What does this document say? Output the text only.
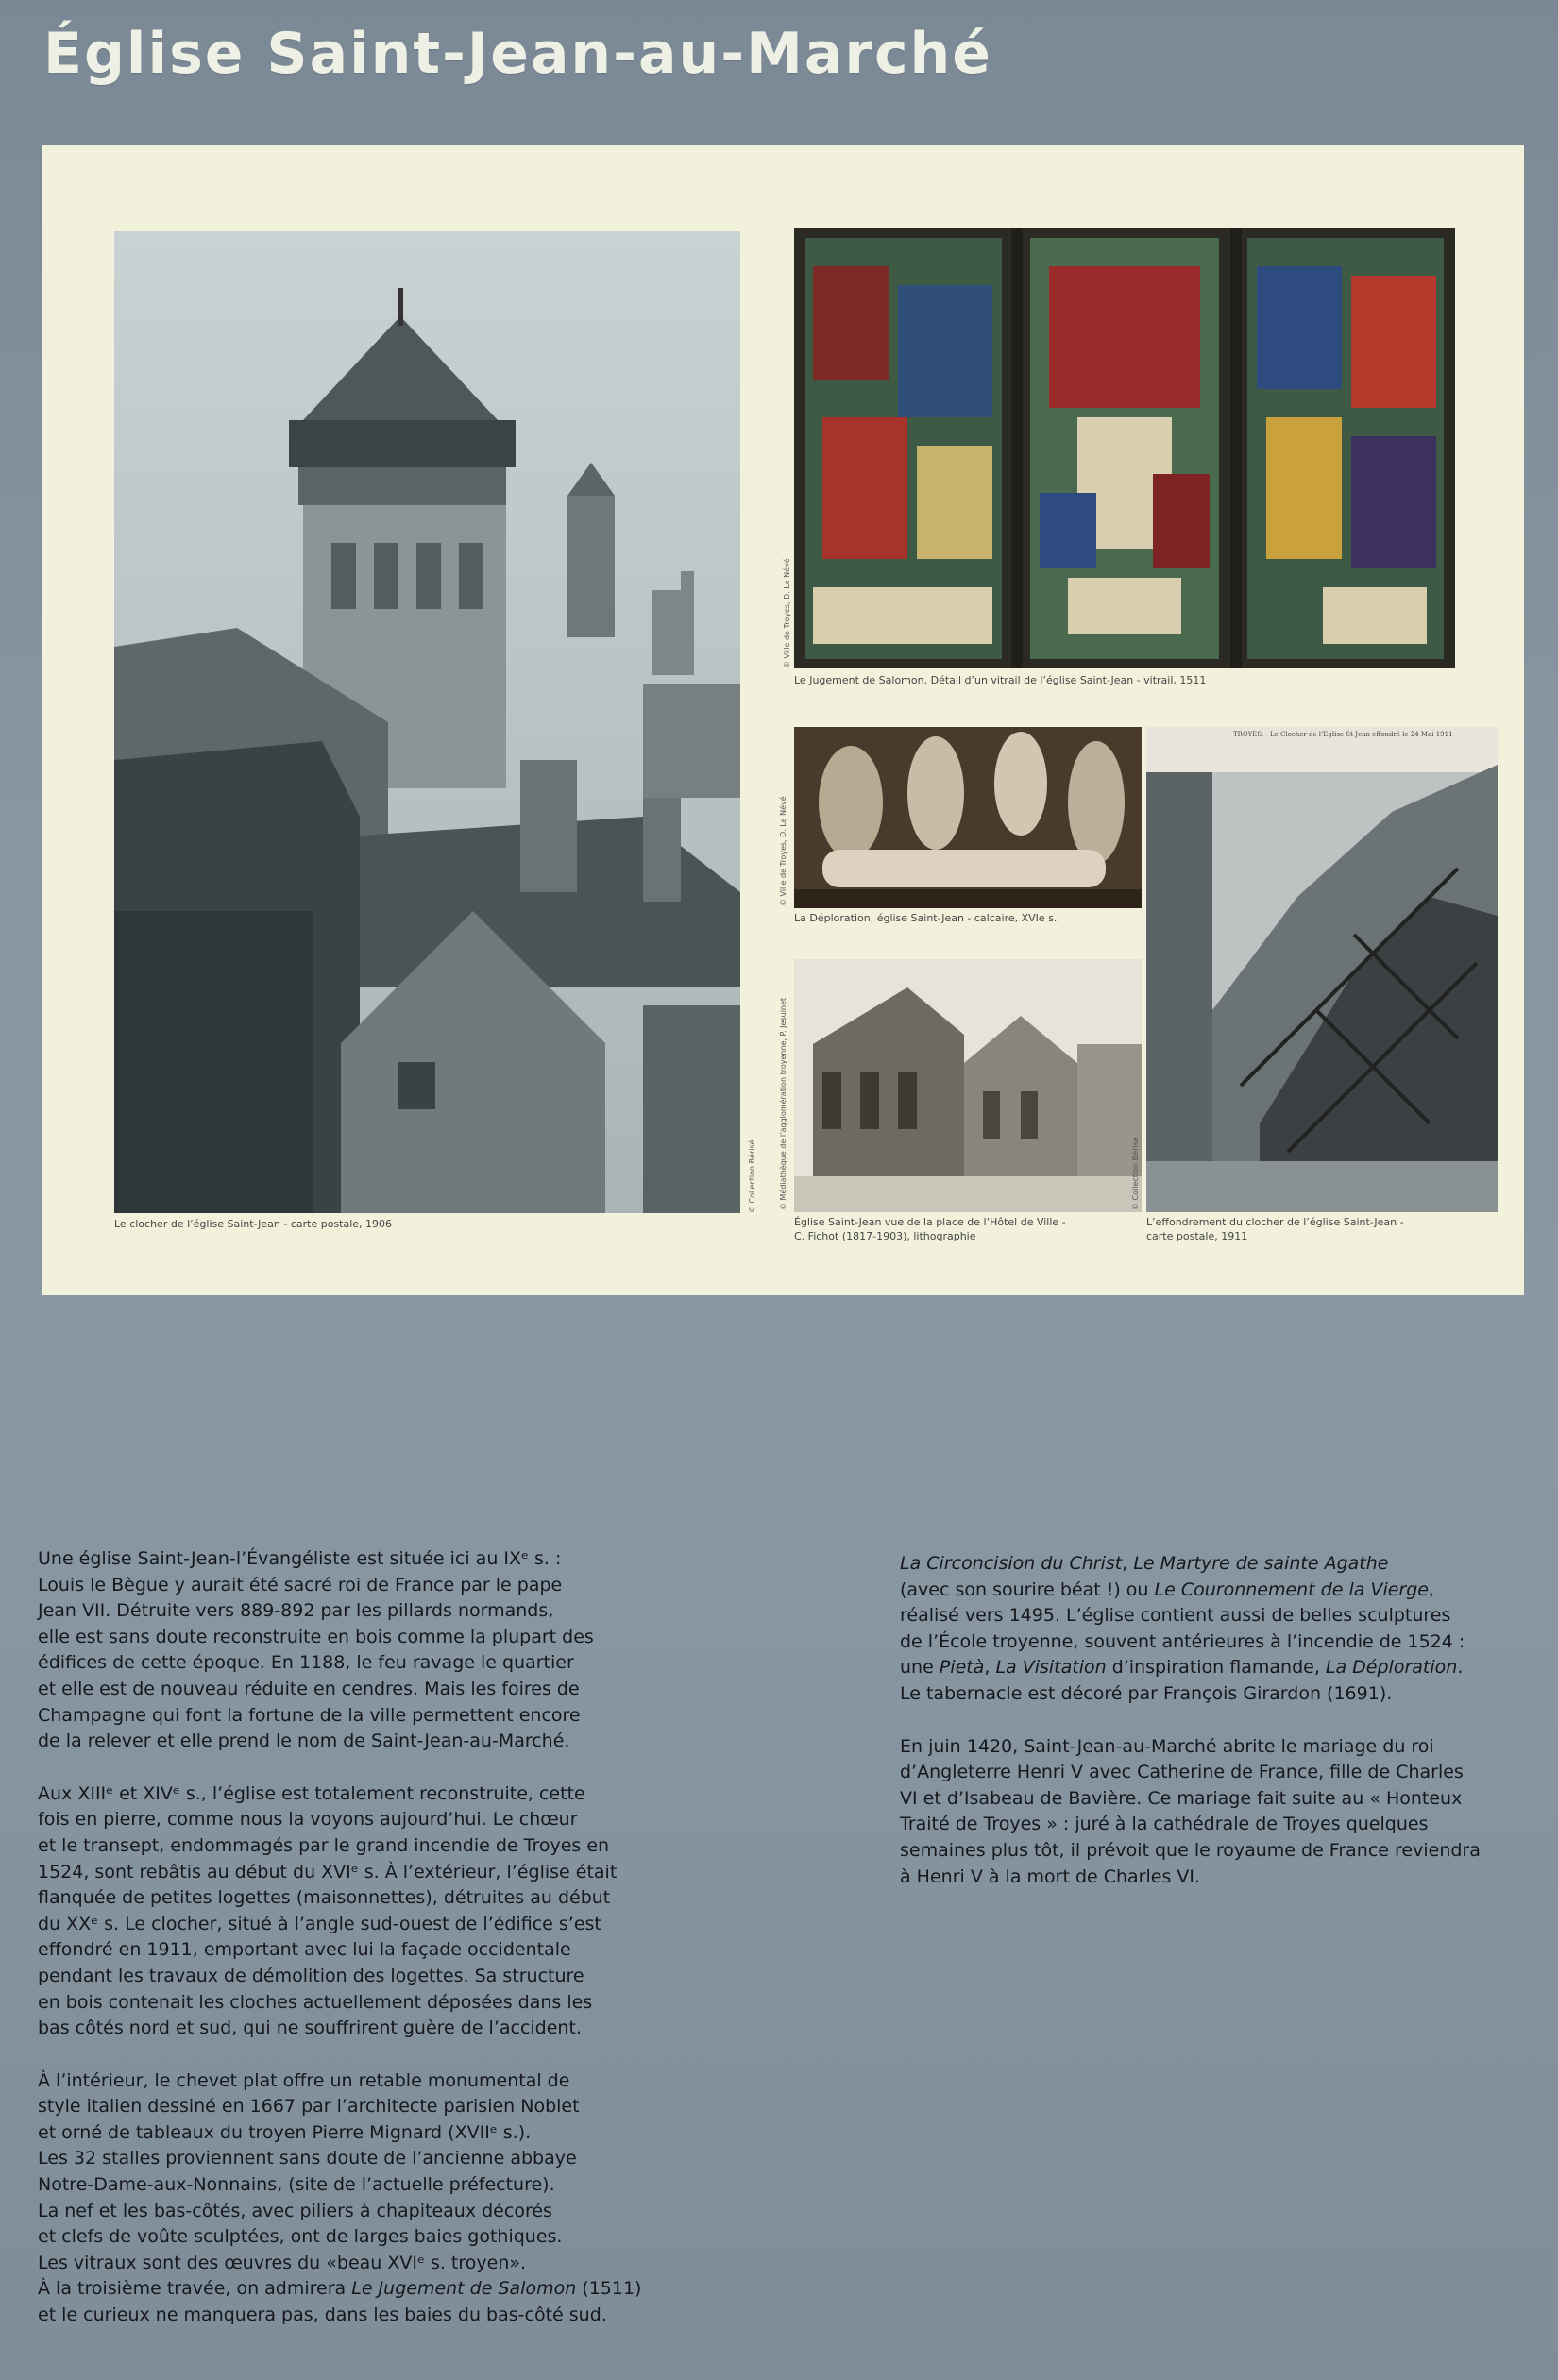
Église Saint-Jean-au-Marché
© Collection Bérisé
Le clocher de l’église Saint-Jean - carte postale, 1906
© Ville de Troyes, D. Le Névé
Le Jugement de Salomon. Détail d’un vitrail de l’église Saint-Jean - vitrail, 1511
© Ville de Troyes, D. Le Névé
La Déploration, église Saint-Jean - calcaire, XVIe s.
© Médiathèque de l’agglomération troyenne, P. Jesuinet
Église Saint-Jean vue de la place de l’Hôtel de Ville -
C. Fichot (1817-1903), lithographie
TROYES. - Le Clocher de l’Église St-Jean effondré le 24 Mai 1911
© Collection Bérisé
L’effondrement du clocher de l’église Saint-Jean -
carte postale, 1911

Une église Saint-Jean-l’Évangéliste est située ici au IXᵉ s. :
Louis le Bègue y aurait été sacré roi de France par le pape
Jean VII. Détruite vers 889-892 par les pillards normands,
elle est sans doute reconstruite en bois comme la plupart des
édifices de cette époque. En 1188, le feu ravage le quartier
et elle est de nouveau réduite en cendres. Mais les foires de
Champagne qui font la fortune de la ville permettent encore
de la relever et elle prend le nom de Saint-Jean-au-Marché.

Aux XIIIᵉ et XIVᵉ s., l’église est totalement reconstruite, cette
fois en pierre, comme nous la voyons aujourd’hui. Le chœur
et le transept, endommagés par le grand incendie de Troyes en
1524, sont rebâtis au début du XVIᵉ s. À l’extérieur, l’église était
flanquée de petites logettes (maisonnettes), détruites au début
du XXᵉ s. Le clocher, situé à l’angle sud-ouest de l’édifice s’est
effondré en 1911, emportant avec lui la façade occidentale
pendant les travaux de démolition des logettes. Sa structure
en bois contenait les cloches actuellement déposées dans les
bas côtés nord et sud, qui ne souffrirent guère de l’accident.

À l’intérieur, le chevet plat offre un retable monumental de
style italien dessiné en 1667 par l’architecte parisien Noblet
et orné de tableaux du troyen Pierre Mignard (XVIIᵉ s.).
Les 32 stalles proviennent sans doute de l’ancienne abbaye
Notre-Dame-aux-Nonnains, (site de l’actuelle préfecture).
La nef et les bas-côtés, avec piliers à chapiteaux décorés
et clefs de voûte sculptées, ont de larges baies gothiques.
Les vitraux sont des œuvres du «beau XVIᵉ s. troyen».
À la troisième travée, on admirera Le Jugement de Salomon (1511)
et le curieux ne manquera pas, dans les baies du bas-côté sud.

La Circoncision du Christ, Le Martyre de sainte Agathe
(avec son sourire béat !) ou Le Couronnement de la Vierge,
réalisé vers 1495. L’église contient aussi de belles sculptures
de l’École troyenne, souvent antérieures à l’incendie de 1524 :
une Pietà, La Visitation d’inspiration flamande, La Déploration.
Le tabernacle est décoré par François Girardon (1691).

En juin 1420, Saint-Jean-au-Marché abrite le mariage du roi
d’Angleterre Henri V avec Catherine de France, fille de Charles
VI et d’Isabeau de Bavière. Ce mariage fait suite au « Honteux
Traité de Troyes » : juré à la cathédrale de Troyes quelques
semaines plus tôt, il prévoit que le royaume de France reviendra
à Henri V à la mort de Charles VI.
